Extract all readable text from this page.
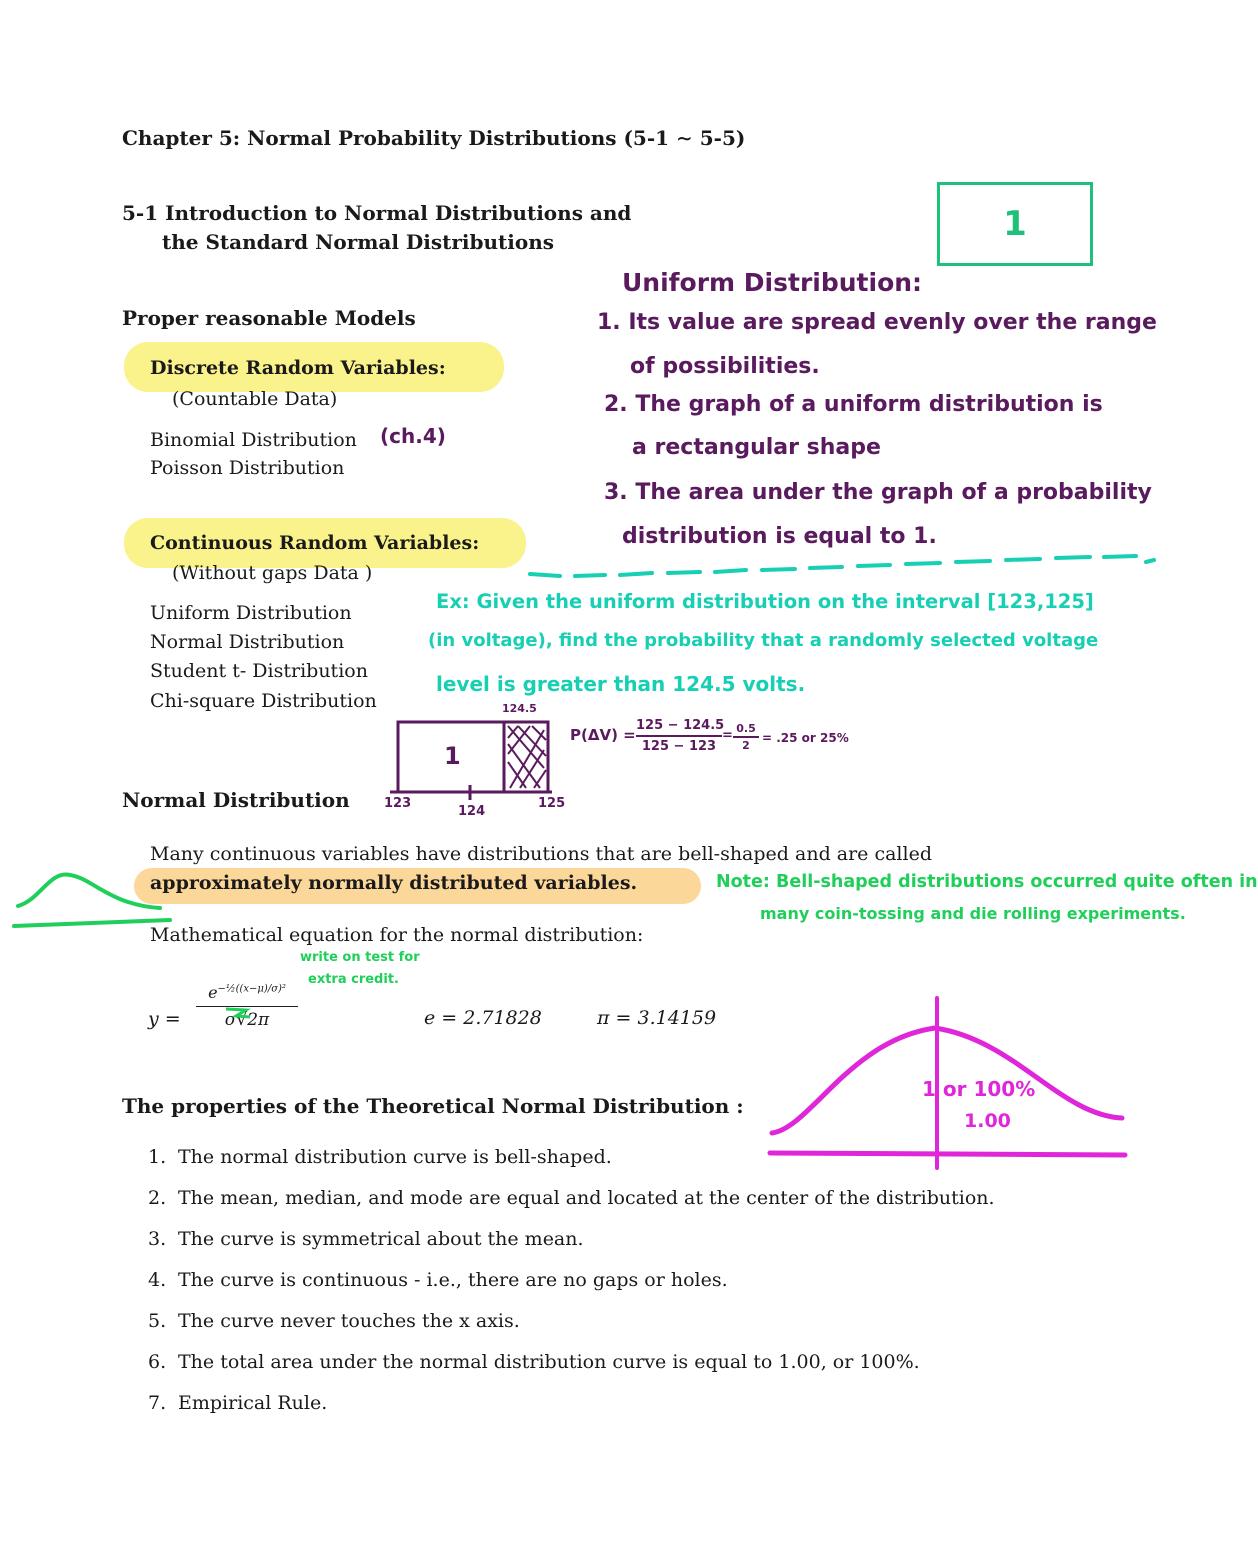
Chapter 5: Normal Probability Distributions (5-1 ∼ 5-5)
5-1 Introduction to Normal Distributions and
the Standard Normal Distributions	1
Proper reasonable Models
Discrete Random Variables:
(Countable Data)
Binomial Distribution
Poisson Distribution
(ch.4)
Continuous Random Variables:
(Without gaps Data )
Uniform Distribution
Normal Distribution
Student t- Distribution
Chi-square Distribution
Normal Distribution
Many continuous variables have distributions that are bell-shaped and are called
approximately normally distributed variables.
Mathematical equation for the normal distribution:
y =
$e^{-\frac{1}{2}((x-\mu)/\sigma)^2}$
σ√2π	e = 2.71828	π = 3.14159
The properties of the Theoretical Normal Distribution :
1. The normal distribution curve is bell-shaped.
2. The mean, median, and mode are equal and located at the center of the distribution.
3. The curve is symmetrical about the mean.
4. The curve is continuous - i.e., there are no gaps or holes.
5. The curve never touches the x axis.
6. The total area under the normal distribution curve is equal to 1.00, or 100%.
7. Empirical Rule.
Uniform Distribution:
1. Its value are spread evenly over the range
of possibilities.
2. The graph of a uniform distribution is
a rectangular shape
3. The area under the graph of a probability
distribution is equal to 1.
Ex: Given the uniform distribution on the interval [123,125]
(in voltage), find the probability that a randomly selected voltage
level is greater than 124.5 volts.
1
124.5
123
124
125
P(ΔV) =
125 − 124.5
125 − 123
= 0.5
2
= .25 or 25%
Note: Bell-shaped distributions occurred quite often in
many coin-tossing and die rolling experiments.
write on test for
extra credit.
1 or 100%
1.00
